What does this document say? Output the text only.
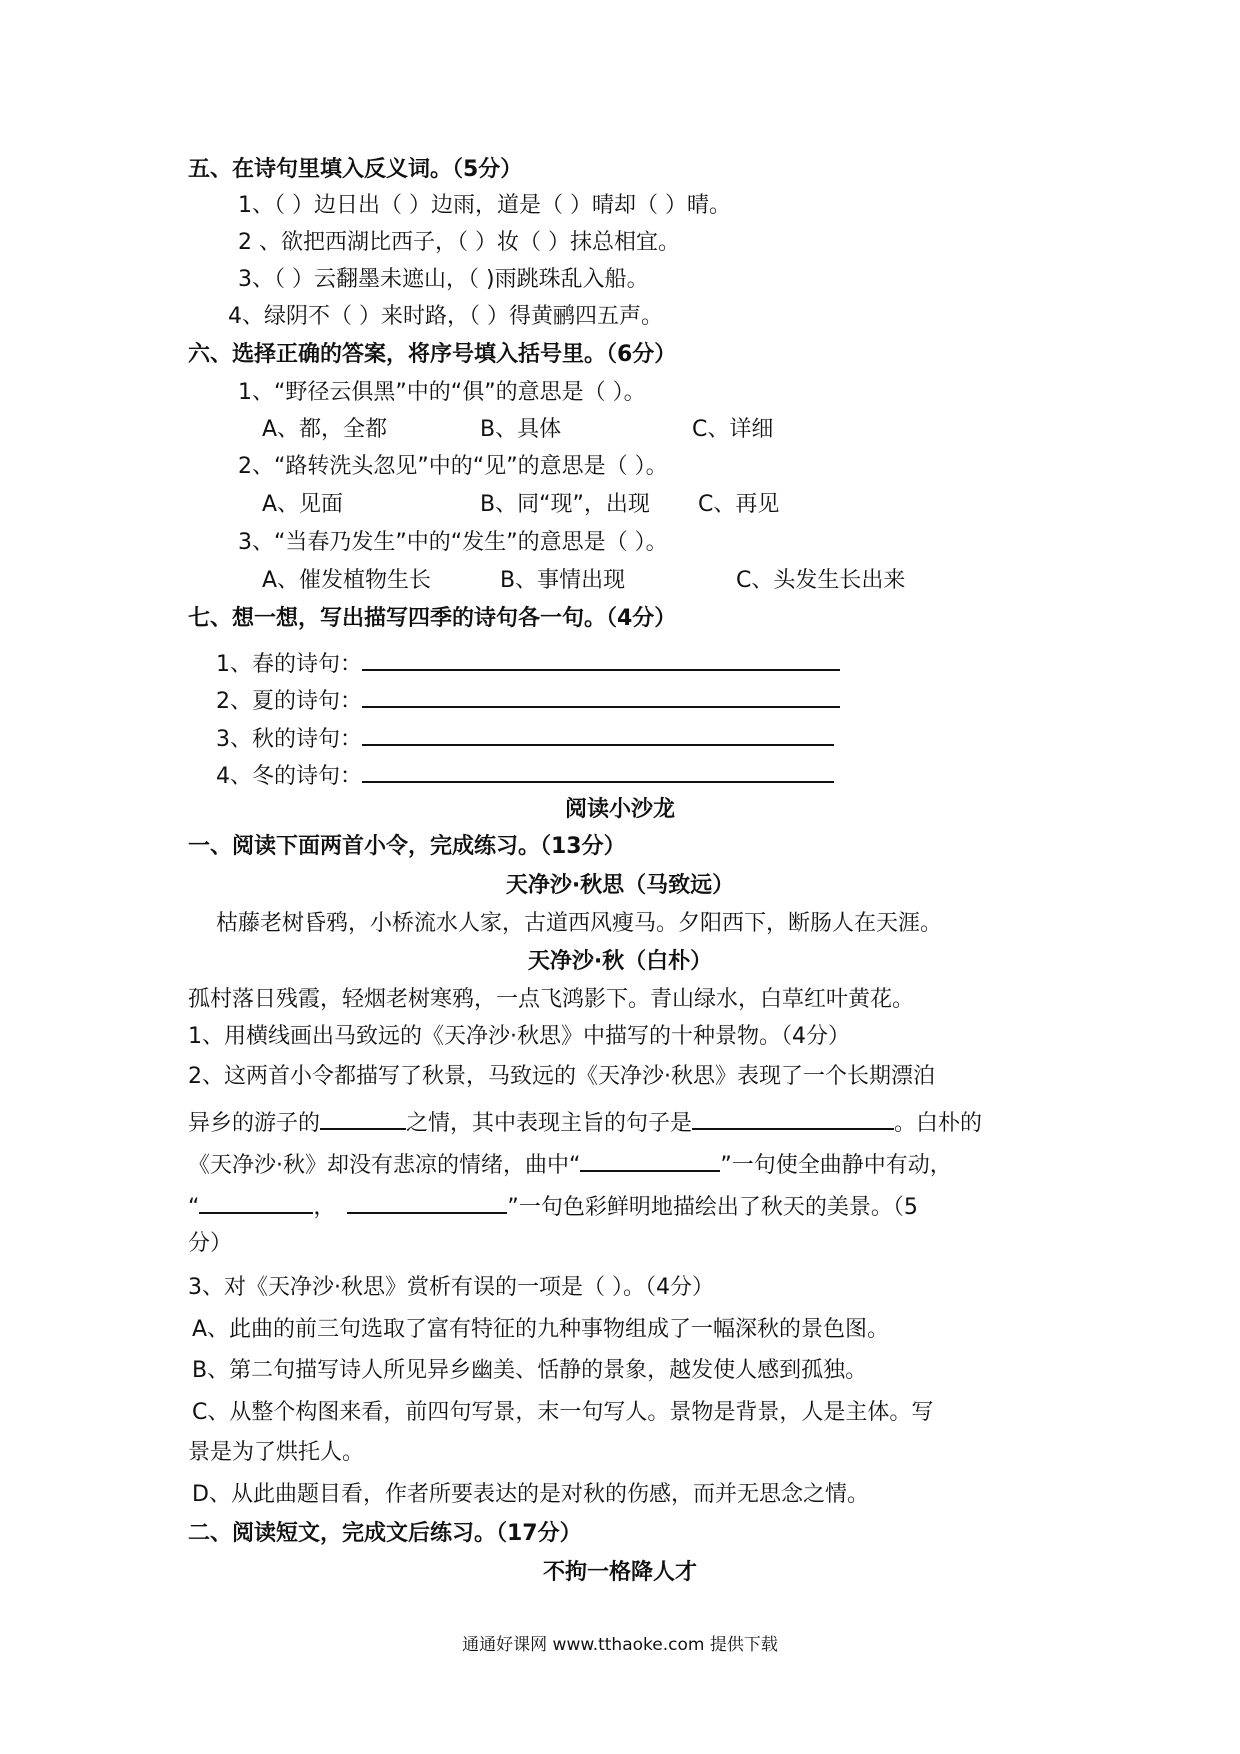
五、在诗句里填入反义词。（5分）
1、（ ）边日出（ ）边雨，道是（ ）晴却（ ）晴。
2 、欲把西湖比西子，（ ）妆（ ）抹总相宜。
3、（ ）云翻墨未遮山，（ )雨跳珠乱入船。
4、绿阴不（ ）来时路，（ ）得黄鹂四五声。
六、选择正确的答案，将序号填入括号里。（6分）
1、“野径云俱黑”中的“俱”的意思是（ ）。
A、都，全都	B、具体	C、详细
2、“路转洗头忽见”中的“见”的意思是（ ）。
A、见面	B、同“现”，出现 C、再见
3、“当春乃发生”中的“发生”的意思是（ ）。
A、催发植物生长	B、事情出现	C、头发生长出来
七、想一想，写出描写四季的诗句各一句。（4分）
1、春的诗句：
2、夏的诗句：
3、秋的诗句：
4、冬的诗句：
阅读小沙龙
一、阅读下面两首小令，完成练习。（13分）
天净沙·秋思（马致远）
枯藤老树昏鸦，小桥流水人家，古道西风瘦马。夕阳西下，断肠人在天涯。
天净沙·秋（白朴）
孤村落日残霞，轻烟老树寒鸦，一点飞鸿影下。青山绿水，白草红叶黄花。
1、用横线画出马致远的《天净沙·秋思》中描写的十种景物。（4分）
2、这两首小令都描写了秋景，马致远的《天净沙·秋思》表现了一个长期漂泊
异乡的游子的	之情，其中表现主旨的句子是	。白朴的
《天净沙·秋》却没有悲凉的情绪，曲中“	”一句使全曲静中有动，
“	，	”一句色彩鲜明地描绘出了秋天的美景。（5
分）
3、对《天净沙·秋思》赏析有误的一项是（ ）。（4分）
A、此曲的前三句选取了富有特征的九种事物组成了一幅深秋的景色图。
B、第二句描写诗人所见异乡幽美、恬静的景象，越发使人感到孤独。
C、从整个构图来看，前四句写景，末一句写人。景物是背景，人是主体。写
景是为了烘托人。
D、从此曲题目看，作者所要表达的是对秋的伤感，而并无思念之情。
二、阅读短文，完成文后练习。（17分）
不拘一格降人才
通通好课网 www.tthaoke.com 提供下载
